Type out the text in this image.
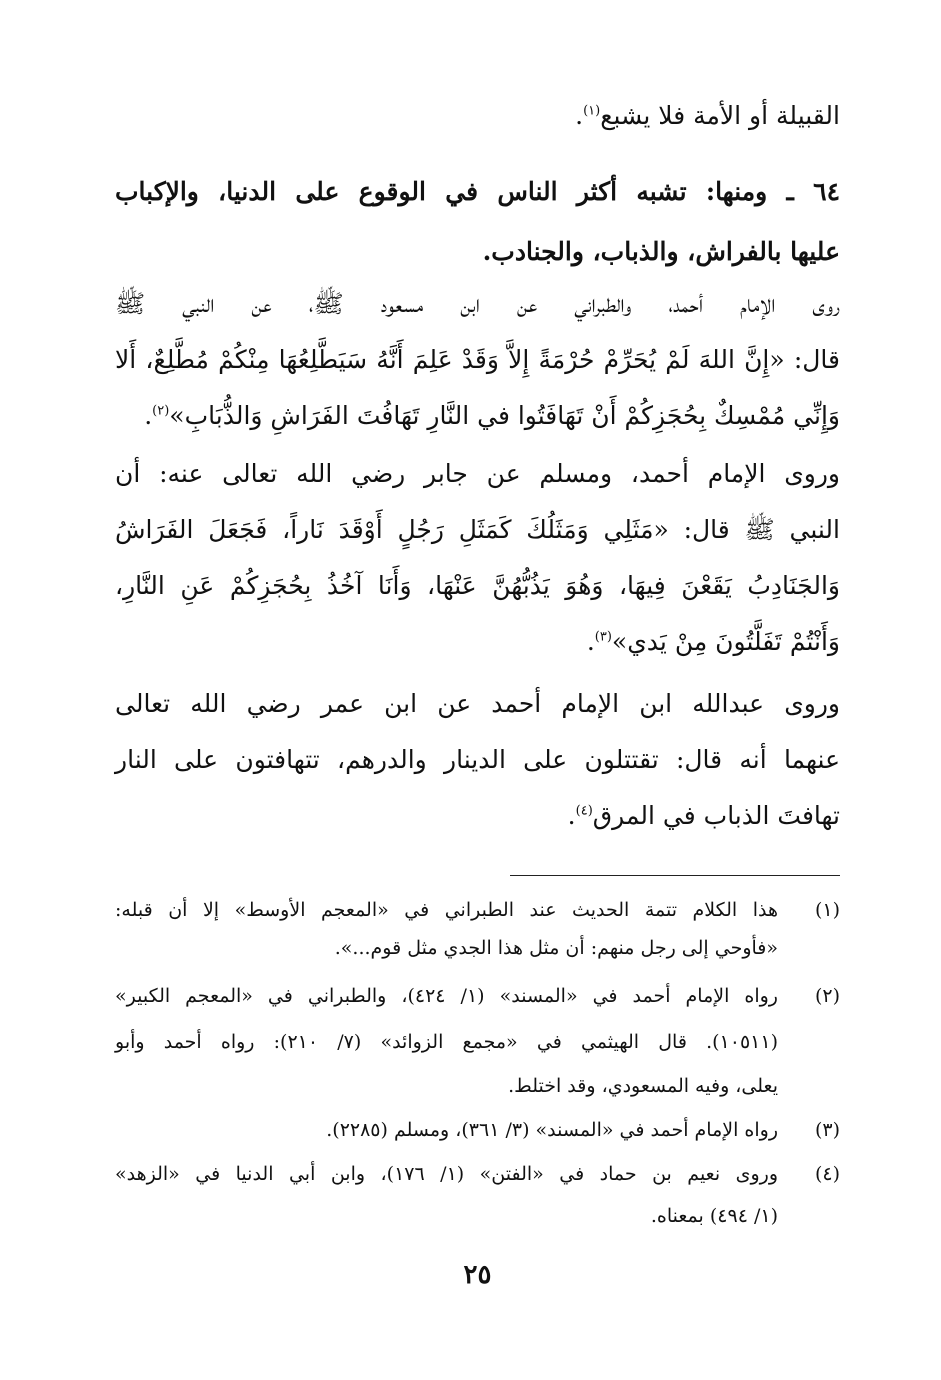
القبيلة أو الأمة فلا يشبع$^{(١)}$.
٦٤ ـ ومنها: تشبه أكثر الناس في الوقوع على الدنيا، والإكباب
عليها بالفراش، والذباب، والجنادب.
روى الإمام أحمد، والطبراني عن ابن مسعود ﷺ، عن النبي ﷺ
قال: «إِنَّ اللهَ لَمْ يُحَرِّمْ حُرْمَةً إِلاَّ وَقَدْ عَلِمَ أَنَّهُ سَيَطَّلِعُهَا مِنْكُمْ مُطَّلِعٌ، أَلا
وَإِنِّي مُمْسِكٌ بِحُجَزِكُمْ أَنْ تَهَافَتُوا في النَّارِ تَهَافُتَ الفَرَاشِ وَالذُّبَابِ»$^{(٢)}$.
وروى الإمام أحمد، ومسلم عن جابر رضي الله تعالى عنه: أن
النبي ﷺ قال: «مَثَلِي وَمَثَلُكَ كَمَثَلِ رَجُلٍ أَوْقَدَ نَاراً، فَجَعَلَ الفَرَاشُ
وَالجَنَادِبُ يَقَعْنَ فِيهَا، وَهُوَ يَذُبُّهُنَّ عَنْهَا، وَأَنَا آخُذُ بِحُجَزِكُمْ عَنِ النَّارِ،
وَأَنْتُمْ تَفَلَّتُونَ مِنْ يَدي»$^{(٣)}$.
وروى عبدالله ابن الإمام أحمد عن ابن عمر رضي الله تعالى
عنهما أنه قال: تقتتلون على الدينار والدرهم، تتهافتون على النار
تهافتَ الذباب في المرق$^{(٤)}$.
(١)
هذا الكلام تتمة الحديث عند الطبراني في «المعجم الأوسط» إلا أن قبله:
«فأوحي إلى رجل منهم: أن مثل هذا الجدي مثل قوم...».
(٢)
رواه الإمام أحمد في «المسند» (١/ ٤٢٤)، والطبراني في «المعجم الكبير»
(١٠٥١١). قال الهيثمي في «مجمع الزوائد» (٧/ ٢١٠): رواه أحمد وأبو
يعلى، وفيه المسعودي، وقد اختلط.
(٣)
رواه الإمام أحمد في «المسند» (٣/ ٣٦١)، ومسلم (٢٢٨٥).
(٤)
وروى نعيم بن حماد في «الفتن» (١/ ١٧٦)، وابن أبي الدنيا في «الزهد»
(١/ ٤٩٤) بمعناه.
٢٥
